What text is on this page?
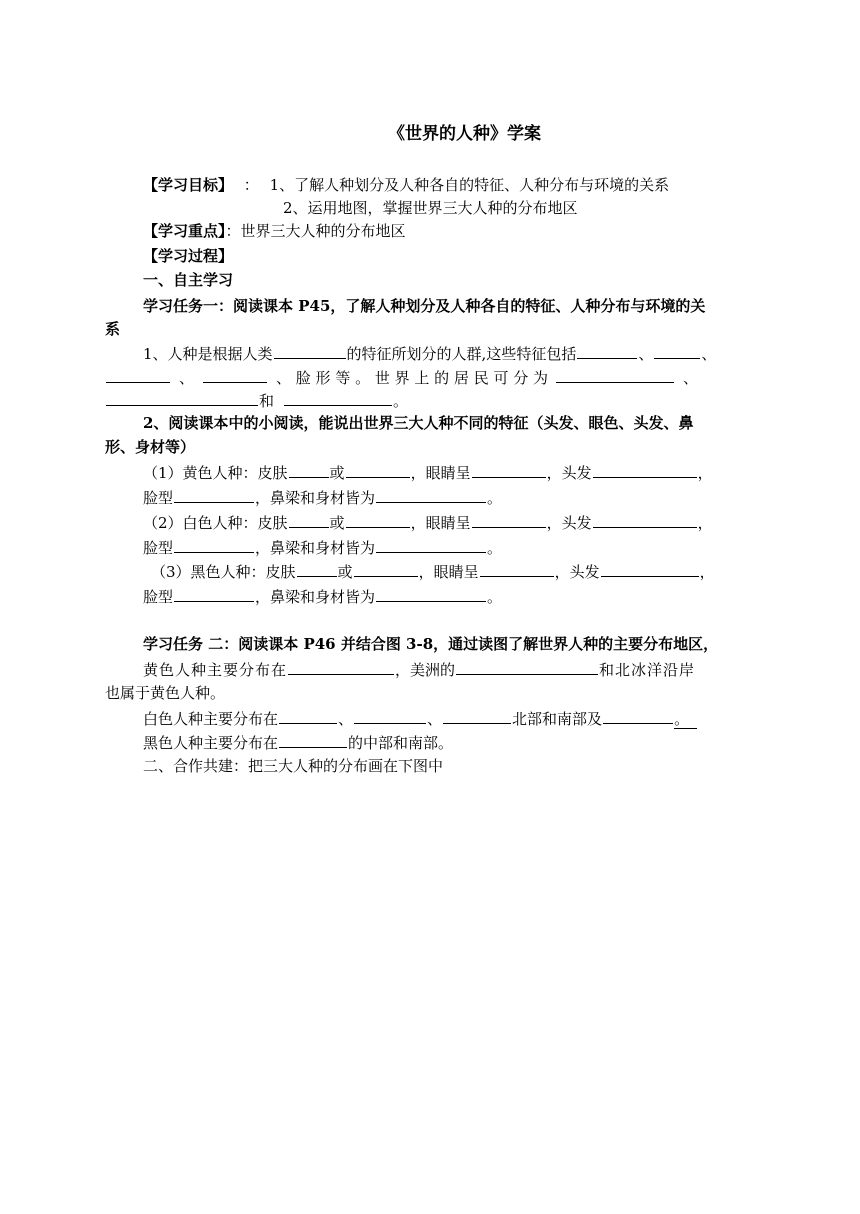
《世界的人种》学案
【学习目标】 ： 1、了解人种划分及人种各自的特征、人种分布与环境的关系
2、运用地图，掌握世界三大人种的分布地区
【学习重点】：世界三大人种的分布地区
【学习过程】
一、自主学习
学习任务一：阅读课本 P45，了解人种划分及人种各自的特征、人种分布与环境的关
系
1、人种是根据人类	的特征所划分的人群,这些特征包括	、	、
、	、 脸 形 等 。 世 界 上 的 居 民 可 分 为	、
和	。
2、阅读课本中的小阅读，能说出世界三大人种不同的特征（头发、眼色、头发、鼻
形、身材等）
（1）黄色人种：皮肤	或	，眼睛呈	，头发	，
脸型	，鼻梁和身材皆为	。
（2）白色人种：皮肤	或	，眼睛呈	，头发	，
脸型	，鼻梁和身材皆为	。
（3）黑色人种：皮肤	或	，眼睛呈	，头发	，
脸型	，鼻梁和身材皆为	。
学习任务 二：阅读课本 P46 并结合图 3-8，通过读图了解世界人种的主要分布地区，
黄色人种主要分布在	，美洲的	和北冰洋沿岸
也属于黄色人种。
白色人种主要分布在	、	、	北部和南部及	。
黑色人种主要分布在	的中部和南部。
二、合作共建：把三大人种的分布画在下图中
